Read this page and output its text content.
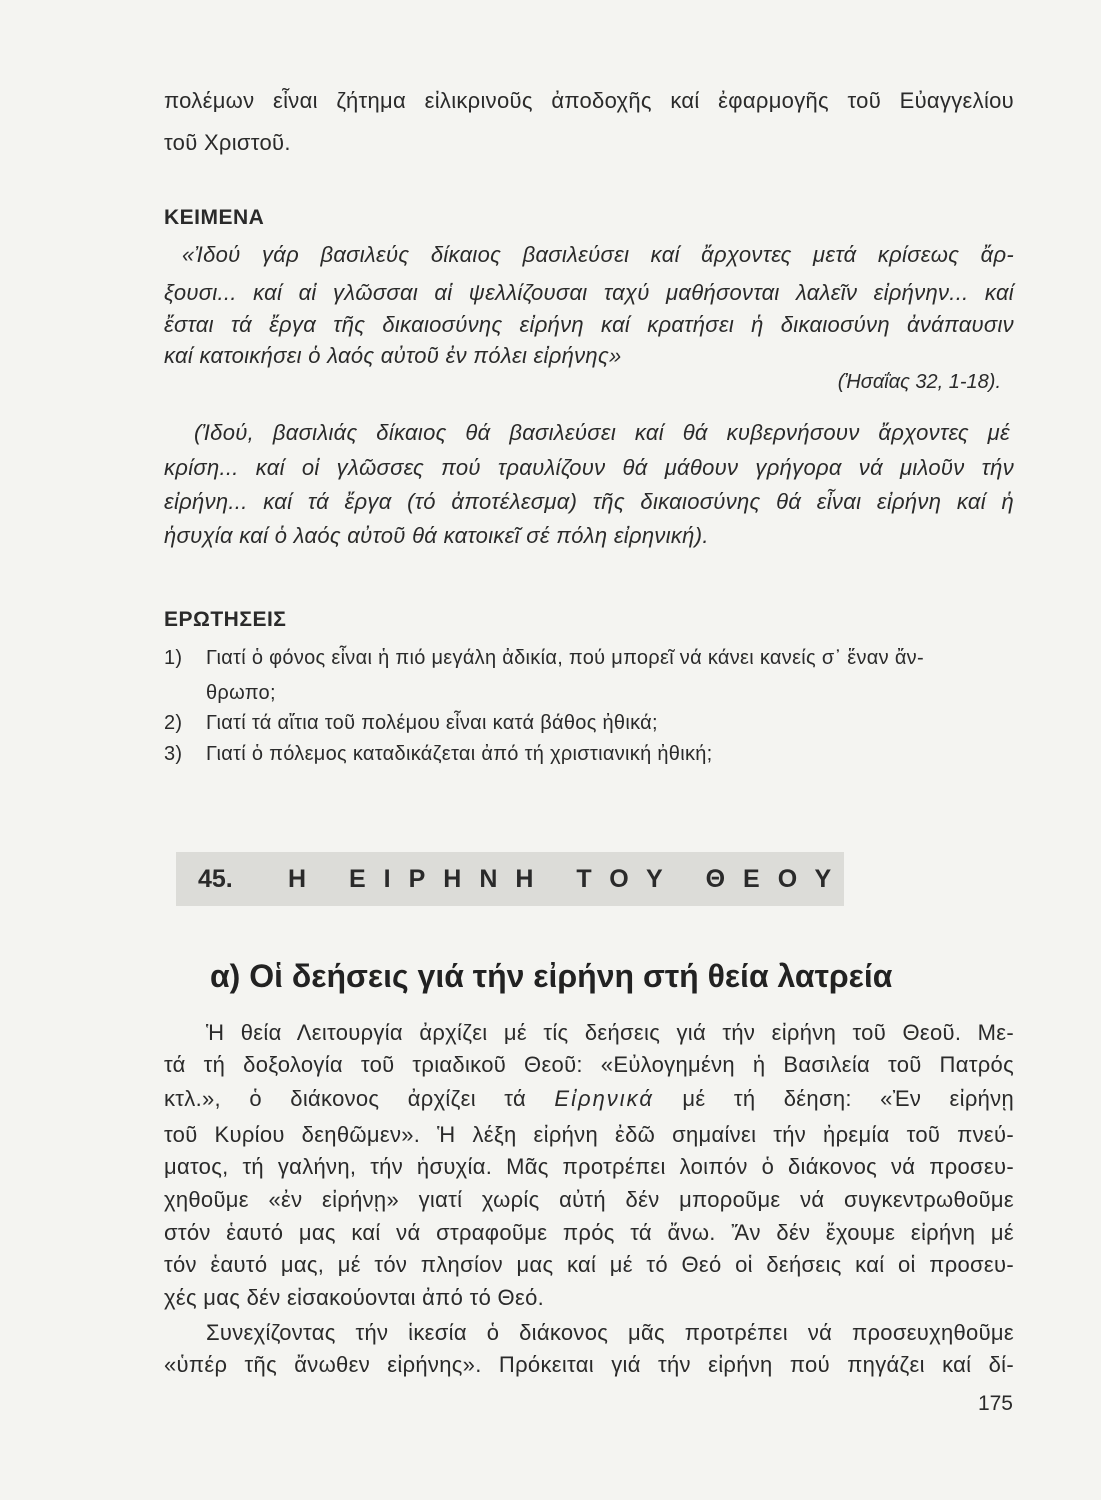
πολέμων εἶναι ζήτημα εἰλικρινοῦς ἀποδοχῆς καί ἐφαρμογῆς τοῦ Εὐαγγελίου
τοῦ Χριστοῦ.
ΚΕΙΜΕΝΑ
«Ἰδού γάρ βασιλεύς δίκαιος βασιλεύσει καί ἄρχοντες μετά κρίσεως ἄρ-
ξουσι... καί αἱ γλῶσσαι αἱ ψελλίζουσαι ταχύ μαθήσονται λαλεῖν εἰρήνην... καί
ἔσται τά ἔργα τῆς δικαιοσύνης εἰρήνη καί κρατήσει ἡ δικαιοσύνη ἀνάπαυσιν
καί κατοικήσει ὁ λαός αὐτοῦ ἐν πόλει εἰρήνης»
(Ἠσαΐας 32, 1-18).
(Ἰδού, βασιλιάς δίκαιος θά βασιλεύσει καί θά κυβερνήσουν ἄρχοντες μέ
κρίση... καί οἱ γλῶσσες πού τραυλίζουν θά μάθουν γρήγορα νά μιλοῦν τήν
εἰρήνη... καί τά ἔργα (τό ἀποτέλεσμα) τῆς δικαιοσύνης θά εἶναι εἰρήνη καί ἡ
ἡσυχία καί ὁ λαός αὐτοῦ θά κατοικεῖ σέ πόλη εἰρηνική).
ΕΡΩΤΗΣΕΙΣ
1) Γιατί ὁ φόνος εἶναι ἡ πιό μεγάλη ἀδικία, πού μπορεῖ νά κάνει κανείς σ᾽ ἕναν ἄν-
θρωπο;
2) Γιατί τά αἴτια τοῦ πολέμου εἶναι κατά βάθος ἠθικά;
3) Γιατί ὁ πόλεμος καταδικάζεται ἀπό τή χριστιανική ἠθική;
45. Η ΕΙΡΗΝΗ ΤΟΥ ΘΕΟΥ
α) Οἱ δεήσεις γιά τήν εἰρήνη στή θεία λατρεία
Ἡ θεία Λειτουργία ἀρχίζει μέ τίς δεήσεις γιά τήν εἰρήνη τοῦ Θεοῦ. Με-
τά τή δοξολογία τοῦ τριαδικοῦ Θεοῦ: «Εὐλογημένη ἡ Βασιλεία τοῦ Πατρός
κτλ.», ὁ διάκονος ἀρχίζει τά Εἰρηνικά μέ τή δέηση: «Ἐν εἰρήνῃ
τοῦ Κυρίου δεηθῶμεν». Ἡ λέξη εἰρήνη ἐδῶ σημαίνει τήν ἠρεμία τοῦ πνεύ-
ματος, τή γαλήνη, τήν ἡσυχία. Μᾶς προτρέπει λοιπόν ὁ διάκονος νά προσευ-
χηθοῦμε «ἐν εἰρήνῃ» γιατί χωρίς αὐτή δέν μποροῦμε νά συγκεντρωθοῦμε
στόν ἑαυτό μας καί νά στραφοῦμε πρός τά ἄνω. Ἄν δέν ἔχουμε εἰρήνη μέ
τόν ἑαυτό μας, μέ τόν πλησίον μας καί μέ τό Θεό οἱ δεήσεις καί οἱ προσευ-
χές μας δέν εἰσακούονται ἀπό τό Θεό.
Συνεχίζοντας τήν ἱκεσία ὁ διάκονος μᾶς προτρέπει νά προσευχηθοῦμε
«ὑπέρ τῆς ἄνωθεν εἰρήνης». Πρόκειται γιά τήν εἰρήνη πού πηγάζει καί δί-
175
